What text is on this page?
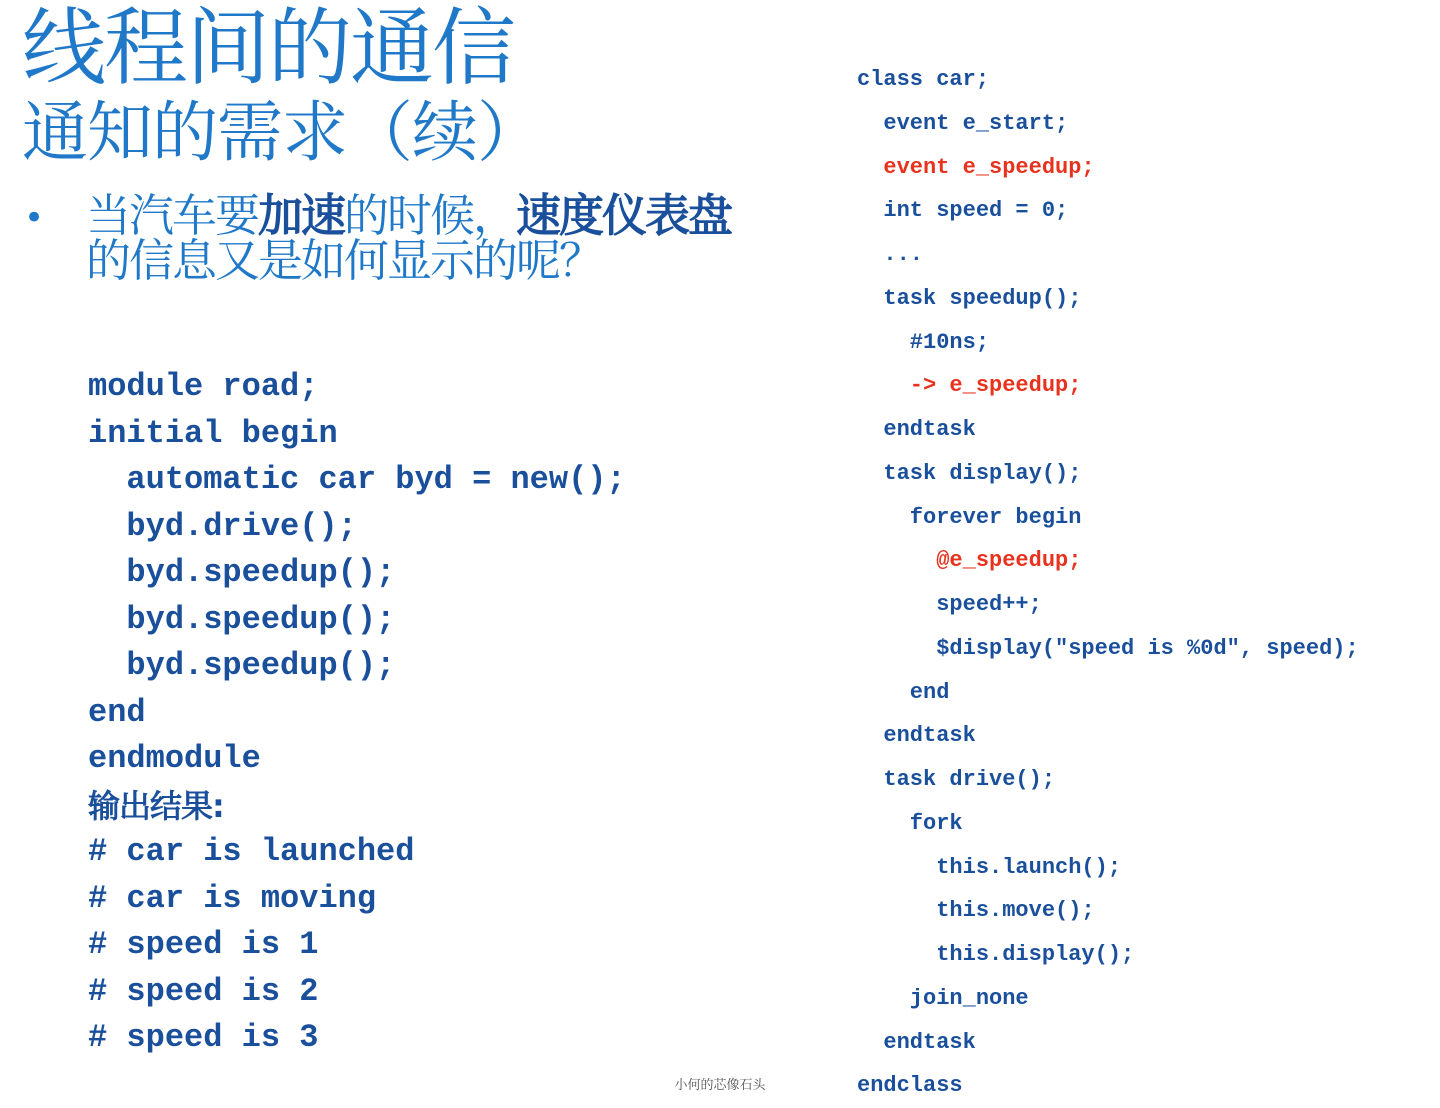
线程间的通信
通知的需求（续）
• 当汽车要加速的时候，速度仪表盘的信息又是如何显示的呢？
module road;
initial begin
automatic car byd = new();
byd.drive();
byd.speedup();
byd.speedup();
byd.speedup();
end
endmodule
输出结果:
# car is launched
# car is moving
# speed is 1
# speed is 2
# speed is 3
class car;
event e_start;
event e_speedup;
int speed = 0;
...
task speedup();
#10ns;
-> e_speedup;
endtask
task display();
forever begin
@e_speedup;
speed++;
$display("speed is %0d", speed);
end
endtask
task drive();
fork
this.launch();
this.move();
this.display();
join_none
endtask
endclass
小何的芯像石头
